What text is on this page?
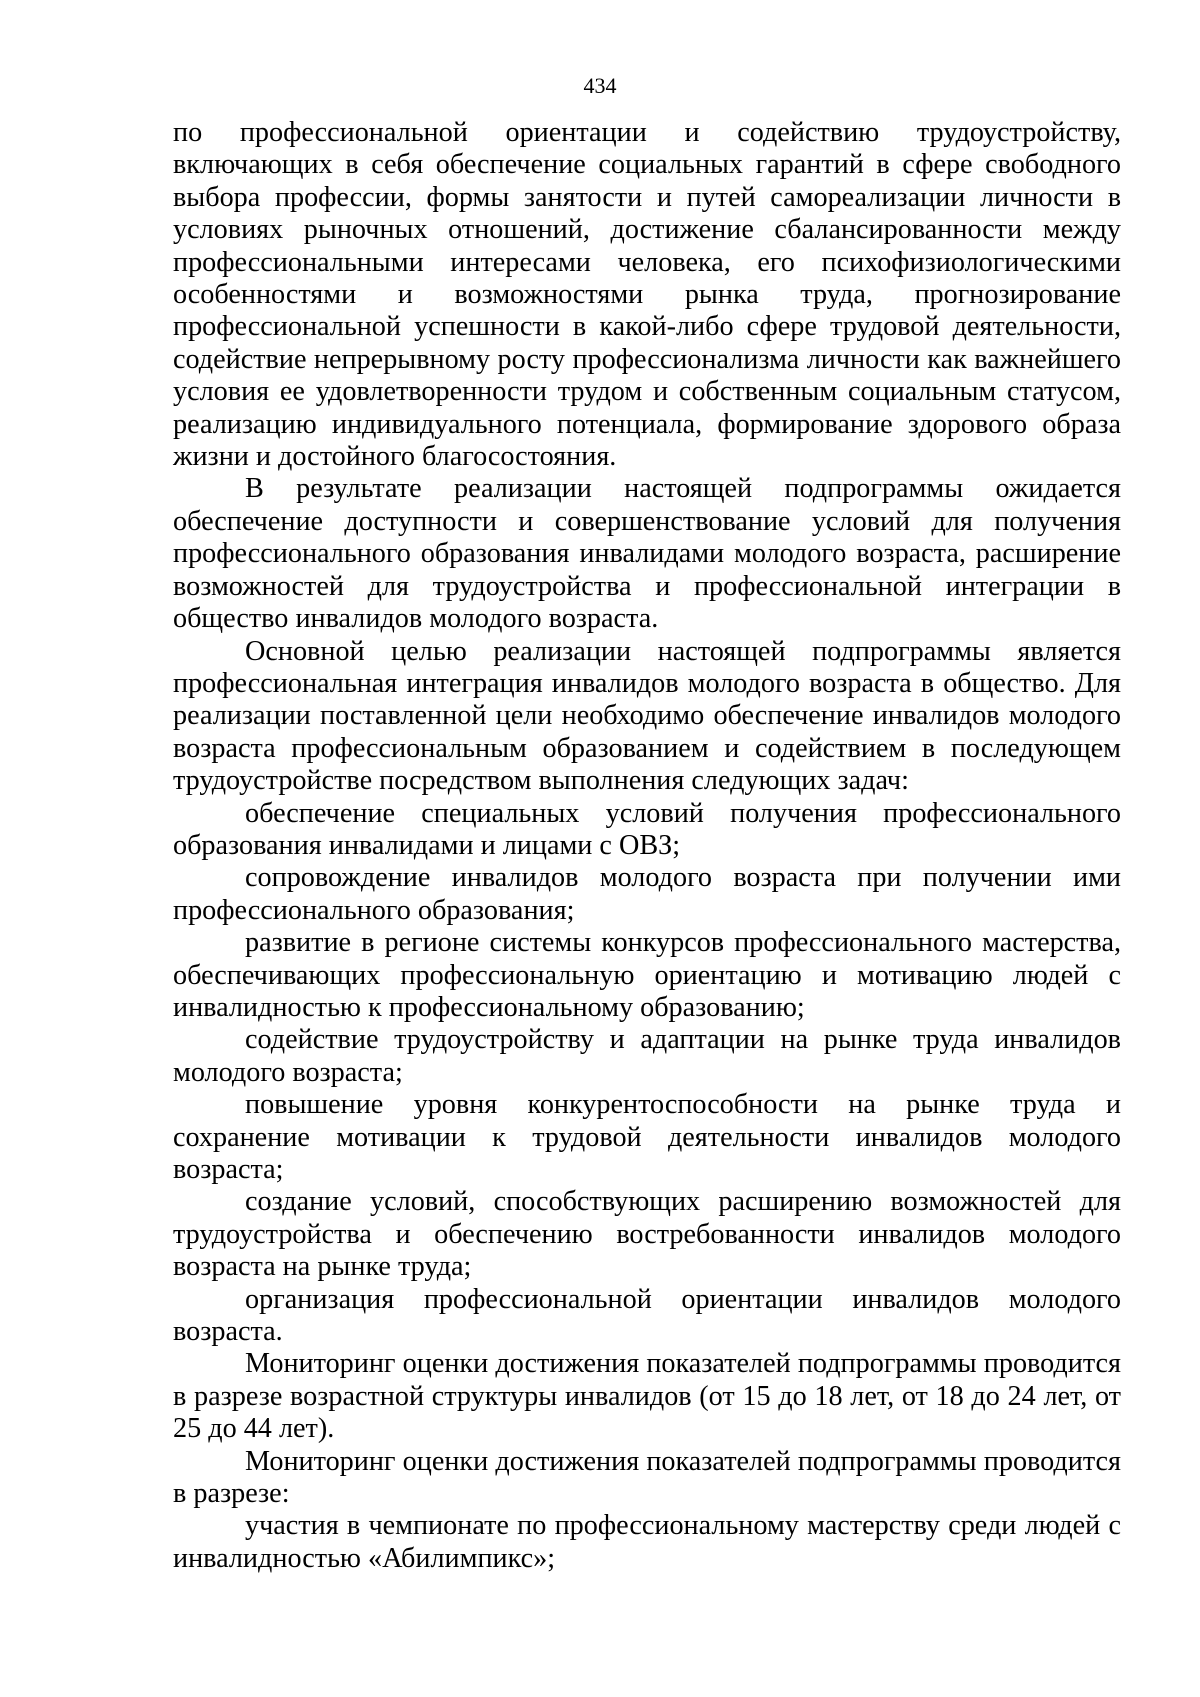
434

по профессиональной ориентации и содействию трудоустройству, включающих в себя обеспечение социальных гарантий в сфере свободного выбора профессии, формы занятости и путей самореализации личности в условиях рыночных отношений, достижение сбалансированности между профессиональными интересами человека, его психофизиологическими особенностями и возможностями рынка труда, прогнозирование профессиональной успешности в какой-либо сфере трудовой деятельности, содействие непрерывному росту профессионализма личности как важнейшего условия ее удовлетворенности трудом и собственным социальным статусом, реализацию индивидуального потенциала, формирование здорового образа жизни и достойного благосостояния.

В результате реализации настоящей подпрограммы ожидается обеспечение доступности и совершенствование условий для получения профессионального образования инвалидами молодого возраста, расширение возможностей для трудоустройства и профессиональной интеграции в общество инвалидов молодого возраста.

Основной целью реализации настоящей подпрограммы является профессиональная интеграция инвалидов молодого возраста в общество. Для реализации поставленной цели необходимо обеспечение инвалидов молодого возраста профессиональным образованием и содействием в последующем трудоустройстве посредством выполнения следующих задач:

обеспечение специальных условий получения профессионального образования инвалидами и лицами с ОВЗ;

сопровождение инвалидов молодого возраста при получении ими профессионального образования;

развитие в регионе системы конкурсов профессионального мастерства, обеспечивающих профессиональную ориентацию и мотивацию людей с инвалидностью к профессиональному образованию;

содействие трудоустройству и адаптации на рынке труда инвалидов молодого возраста;

повышение уровня конкурентоспособности на рынке труда и сохранение мотивации к трудовой деятельности инвалидов молодого возраста;

создание условий, способствующих расширению возможностей для трудоустройства и обеспечению востребованности инвалидов молодого возраста на рынке труда;

организация профессиональной ориентации инвалидов молодого возраста.

Мониторинг оценки достижения показателей подпрограммы проводится в разрезе возрастной структуры инвалидов (от 15 до 18 лет, от 18 до 24 лет, от 25 до 44 лет).

Мониторинг оценки достижения показателей подпрограммы проводится в разрезе:

участия в чемпионате по профессиональному мастерству среди людей с инвалидностью «Абилимпикс»;
